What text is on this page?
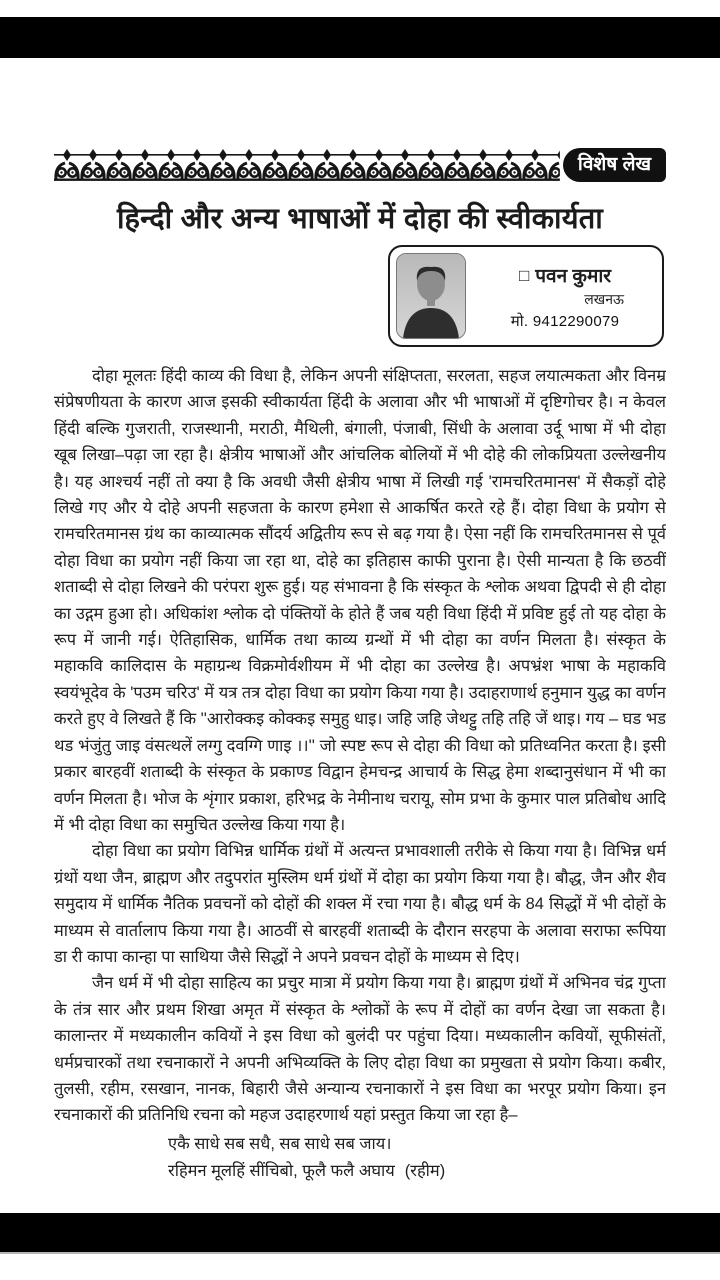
विशेष लेख
हिन्दी और अन्य भाषाओं में दोहा की स्वीकार्यता
□ पवन कुमार
लखनऊ
मो. 9412290079

दोहा मूलतः हिंदी काव्य की विधा है, लेकिन अपनी संक्षिप्तता, सरलता, सहज लयात्मकता और विनम्र संप्रेषणीयता के कारण आज इसकी स्वीकार्यता हिंदी के अलावा और भी भाषाओं में दृष्टिगोचर है। न केवल हिंदी बल्कि गुजराती, राजस्थानी, मराठी, मैथिली, बंगाली, पंजाबी, सिंधी के अलावा उर्दू भाषा में भी दोहा खूब लिखा–पढ़ा जा रहा है। क्षेत्रीय भाषाओं और आंचलिक बोलियों में भी दोहे की लोकप्रियता उल्लेखनीय है। यह आश्चर्य नहीं तो क्या है कि अवधी जैसी क्षेत्रीय भाषा में लिखी गई 'रामचरितमानस' में सैकड़ों दोहे लिखे गए और ये दोहे अपनी सहजता के कारण हमेशा से आकर्षित करते रहे हैं। दोहा विधा के प्रयोग से रामचरितमानस ग्रंथ का काव्यात्मक सौंदर्य अद्वितीय रूप से बढ़ गया है। ऐसा नहीं कि रामचरितमानस से पूर्व दोहा विधा का प्रयोग नहीं किया जा रहा था, दोहे का इतिहास काफी पुराना है। ऐसी मान्यता है कि छठवीं शताब्दी से दोहा लिखने की परंपरा शुरू हुई। यह संभावना है कि संस्कृत के श्लोक अथवा द्विपदी से ही दोहा का उद्गम हुआ हो। अधिकांश श्लोक दो पंक्तियों के होते हैं जब यही विधा हिंदी में प्रविष्ट हुई तो यह दोहा के रूप में जानी गई। ऐतिहासिक, धार्मिक तथा काव्य ग्रन्थों में भी दोहा का वर्णन मिलता है। संस्कृत के महाकवि कालिदास के महाग्रन्थ विक्रमोर्वशीयम में भी दोहा का उल्लेख है। अपभ्रंश भाषा के महाकवि स्वयंभूदेव के 'पउम चरिउ' में यत्र तत्र दोहा विधा का प्रयोग किया गया है। उदाहराणार्थ हनुमान युद्ध का वर्णन करते हुए वे लिखते हैं कि ''आरोक्कइ कोक्कइ समुहु धाइ। जहि जहि जेथट्टु तहि तहि जें थाइ। गय – घड भड थड भंजुंतु जाइ वंसत्थलें लग्गु दवग्गि णाइ ।।'' जो स्पष्ट रूप से दोहा की विधा को प्रतिध्वनित करता है। इसी प्रकार बारहवीं शताब्दी के संस्कृत के प्रकाण्ड विद्वान हेमचन्द्र आचार्य के सिद्ध हेमा शब्दानुसंधान में भी का वर्णन मिलता है। भोज के शृंगार प्रकाश, हरिभद्र के नेमीनाथ चरायू, सोम प्रभा के कुमार पाल प्रतिबोध आदि में भी दोहा विधा का समुचित उल्लेख किया गया है।

दोहा विधा का प्रयोग विभिन्न धार्मिक ग्रंथों में अत्यन्त प्रभावशाली तरीके से किया गया है। विभिन्न धर्म ग्रंथों यथा जैन, ब्राह्मण और तदुपरांत मुस्लिम धर्म ग्रंथों में दोहा का प्रयोग किया गया है। बौद्ध, जैन और शैव समुदाय में धार्मिक नैतिक प्रवचनों को दोहों की शक्ल में रचा गया है। बौद्ध धर्म के 84 सिद्धों में भी दोहों के माध्यम से वार्तालाप किया गया है। आठवीं से बारहवीं शताब्दी के दौरान सरहपा के अलावा सराफा रूपिया डा री कापा कान्हा पा साथिया जैसे सिद्धों ने अपने प्रवचन दोहों के माध्यम से दिए।

जैन धर्म में भी दोहा साहित्य का प्रचुर मात्रा में प्रयोग किया गया है। ब्राह्मण ग्रंथों में अभिनव चंद्र गुप्ता के तंत्र सार और प्रथम शिखा अमृत में संस्कृत के श्लोकों के रूप में दोहों का वर्णन देखा जा सकता है। कालान्तर में मध्यकालीन कवियों ने इस विधा को बुलंदी पर पहुंचा दिया। मध्यकालीन कवियों, सूफीसंतों, धर्मप्रचारकों तथा रचनाकारों ने अपनी अभिव्यक्ति के लिए दोहा विधा का प्रमुखता से प्रयोग किया। कबीर, तुलसी, रहीम, रसखान, नानक, बिहारी जैसे अन्यान्य रचनाकारों ने इस विधा का भरपूर प्रयोग किया। इन रचनाकारों की प्रतिनिधि रचना को महज उदाहरणार्थ यहां प्रस्तुत किया जा रहा है–

एकै साधे सब सधै, सब साधे सब जाय।
रहिमन मूलहिं सींचिबो, फूलै फलै अघाय (रहीम)
